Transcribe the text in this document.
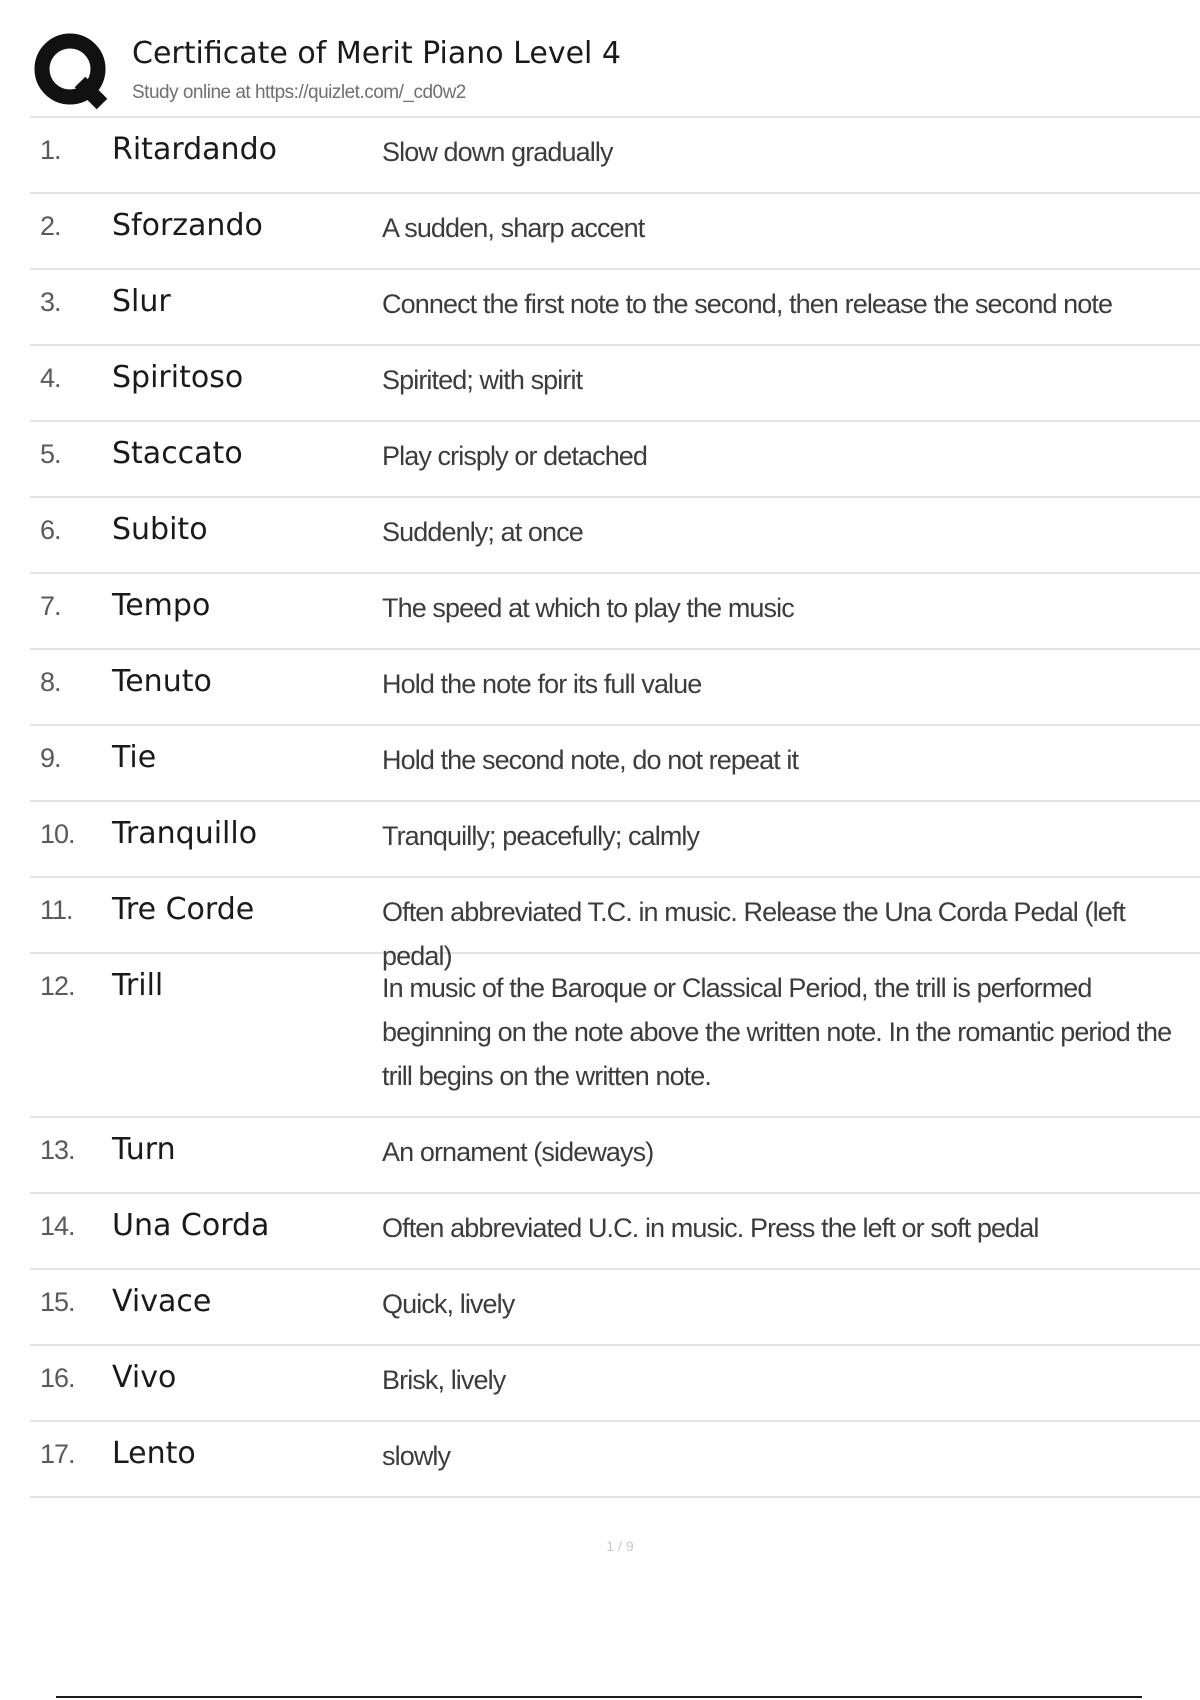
Certificate of Merit Piano Level 4
Study online at https://quizlet.com/_cd0w2
1.	Ritardando	Slow down gradually
2.	Sforzando	A sudden, sharp accent
3.	Slur	Connect the first note to the second, then release the second note
4.	Spiritoso	Spirited; with spirit
5.	Staccato	Play crisply or detached
6.	Subito	Suddenly; at once
7.	Tempo	The speed at which to play the music
8.	Tenuto	Hold the note for its full value
9.	Tie	Hold the second note, do not repeat it
10.	Tranquillo	Tranquilly; peacefully; calmly
11.	Tre Corde	Often abbreviated T.C. in music. Release the Una Corda Pedal (left pedal)
12.	Trill	In music of the Baroque or Classical Period, the trill is performed beginning on the note above the written note. In the romantic period the trill begins on the written note.
13.	Turn	An ornament (sideways)
14.	Una Corda	Often abbreviated U.C. in music. Press the left or soft pedal
15.	Vivace	Quick, lively
16.	Vivo	Brisk, lively
17.	Lento	slowly
1 / 9
